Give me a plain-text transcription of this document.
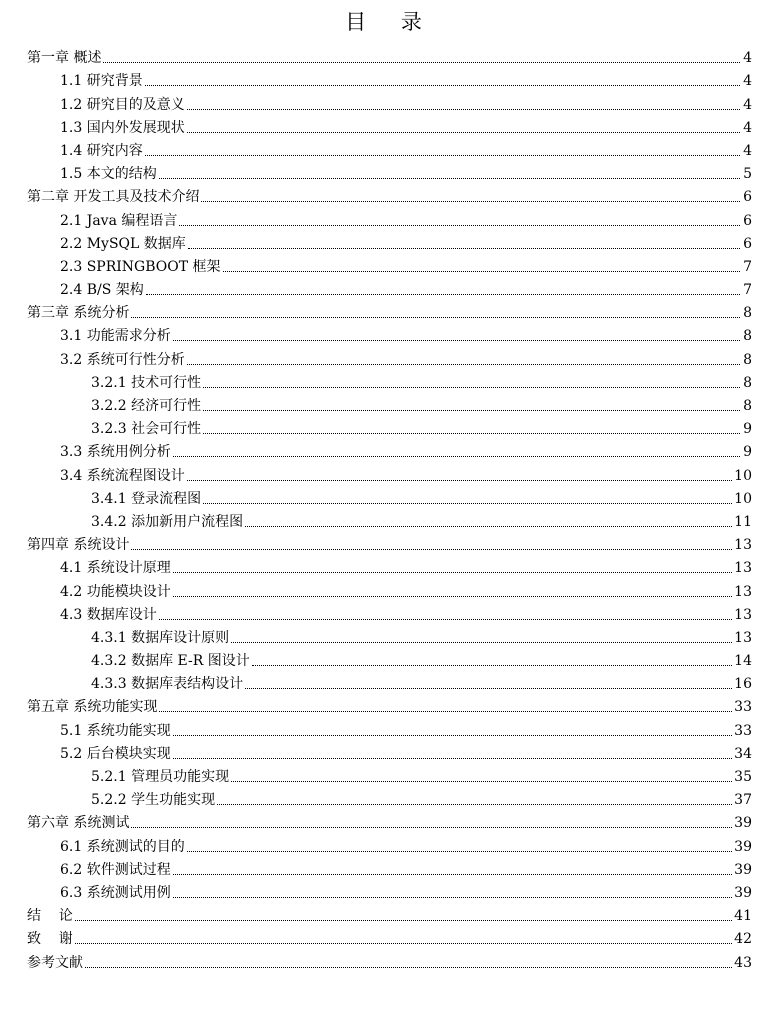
目 录
第一章 概述	4
1.1 研究背景	4
1.2 研究目的及意义	4
1.3 国内外发展现状	4
1.4 研究内容	4
1.5 本文的结构	5
第二章 开发工具及技术介绍	6
2.1 Java 编程语言	6
2.2 MySQL 数据库	6
2.3 SPRINGBOOT 框架	7
2.4 B/S 架构	7
第三章 系统分析	8
3.1 功能需求分析	8
3.2 系统可行性分析	8
3.2.1 技术可行性	8
3.2.2 经济可行性	8
3.2.3 社会可行性	9
3.3 系统用例分析	9
3.4 系统流程图设计	10
3.4.1 登录流程图	10
3.4.2 添加新用户流程图	11
第四章 系统设计	13
4.1 系统设计原理	13
4.2 功能模块设计	13
4.3 数据库设计	13
4.3.1 数据库设计原则	13
4.3.2 数据库 E-R 图设计	14
4.3.3 数据库表结构设计	16
第五章 系统功能实现	33
5.1 系统功能实现	33
5.2 后台模块实现	34
5.2.1 管理员功能实现	35
5.2.2 学生功能实现	37
第六章 系统测试	39
6.1 系统测试的目的	39
6.2 软件测试过程	39
6.3 系统测试用例	39
结    论	41
致    谢	42
参考文献	43
